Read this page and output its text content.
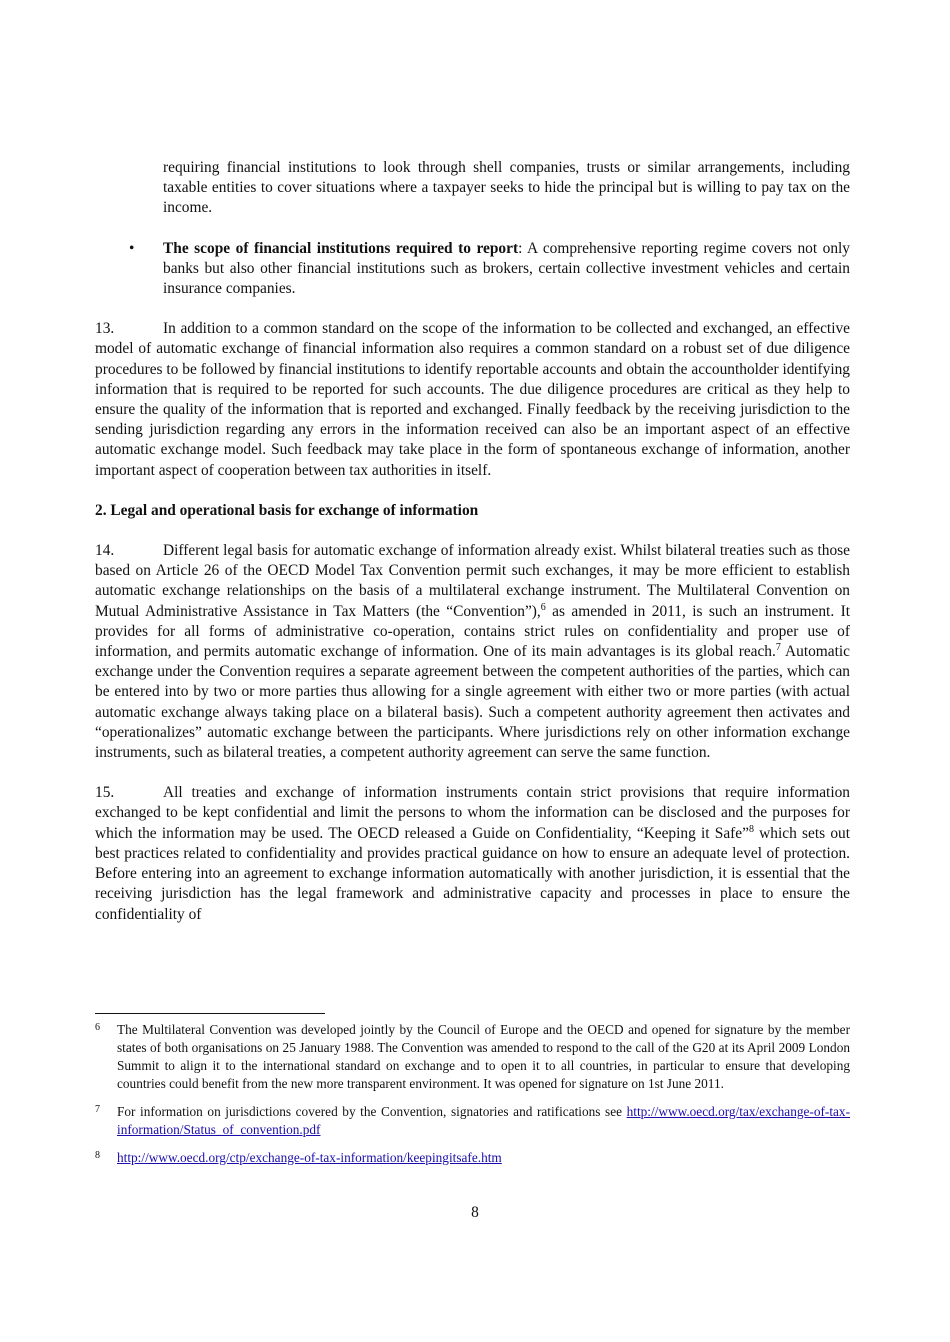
requiring financial institutions to look through shell companies, trusts or similar arrangements, including taxable entities to cover situations where a taxpayer seeks to hide the principal but is willing to pay tax on the income.

• The scope of financial institutions required to report: A comprehensive reporting regime covers not only banks but also other financial institutions such as brokers, certain collective investment vehicles and certain insurance companies.

13.	In addition to a common standard on the scope of the information to be collected and exchanged, an effective model of automatic exchange of financial information also requires a common standard on a robust set of due diligence procedures to be followed by financial institutions to identify reportable accounts and obtain the accountholder identifying information that is required to be reported for such accounts. The due diligence procedures are critical as they help to ensure the quality of the information that is reported and exchanged. Finally feedback by the receiving jurisdiction to the sending jurisdiction regarding any errors in the information received can also be an important aspect of an effective automatic exchange model. Such feedback may take place in the form of spontaneous exchange of information, another important aspect of cooperation between tax authorities in itself.

2. Legal and operational basis for exchange of information

14.	Different legal basis for automatic exchange of information already exist. Whilst bilateral treaties such as those based on Article 26 of the OECD Model Tax Convention permit such exchanges, it may be more efficient to establish automatic exchange relationships on the basis of a multilateral exchange instrument. The Multilateral Convention on Mutual Administrative Assistance in Tax Matters (the “Convention”),$^6$ as amended in 2011, is such an instrument. It provides for all forms of administrative co-operation, contains strict rules on confidentiality and proper use of information, and permits automatic exchange of information. One of its main advantages is its global reach.$^7$ Automatic exchange under the Convention requires a separate agreement between the competent authorities of the parties, which can be entered into by two or more parties thus allowing for a single agreement with either two or more parties (with actual automatic exchange always taking place on a bilateral basis). Such a competent authority agreement then activates and “operationalizes” automatic exchange between the participants. Where jurisdictions rely on other information exchange instruments, such as bilateral treaties, a competent authority agreement can serve the same function.

15.	All treaties and exchange of information instruments contain strict provisions that require information exchanged to be kept confidential and limit the persons to whom the information can be disclosed and the purposes for which the information may be used. The OECD released a Guide on Confidentiality, “Keeping it Safe”$^8$ which sets out best practices related to confidentiality and provides practical guidance on how to ensure an adequate level of protection. Before entering into an agreement to exchange information automatically with another jurisdiction, it is essential that the receiving jurisdiction has the legal framework and administrative capacity and processes in place to ensure the confidentiality of

6 The Multilateral Convention was developed jointly by the Council of Europe and the OECD and opened for signature by the member states of both organisations on 25 January 1988. The Convention was amended to respond to the call of the G20 at its April 2009 London Summit to align it to the international standard on exchange and to open it to all countries, in particular to ensure that developing countries could benefit from the new more transparent environment. It was opened for signature on 1st June 2011.
7 For information on jurisdictions covered by the Convention, signatories and ratifications see http://www.oecd.org/tax/exchange-of-tax-information/Status_of_convention.pdf
8 http://www.oecd.org/ctp/exchange-of-tax-information/keepingitsafe.htm
8
